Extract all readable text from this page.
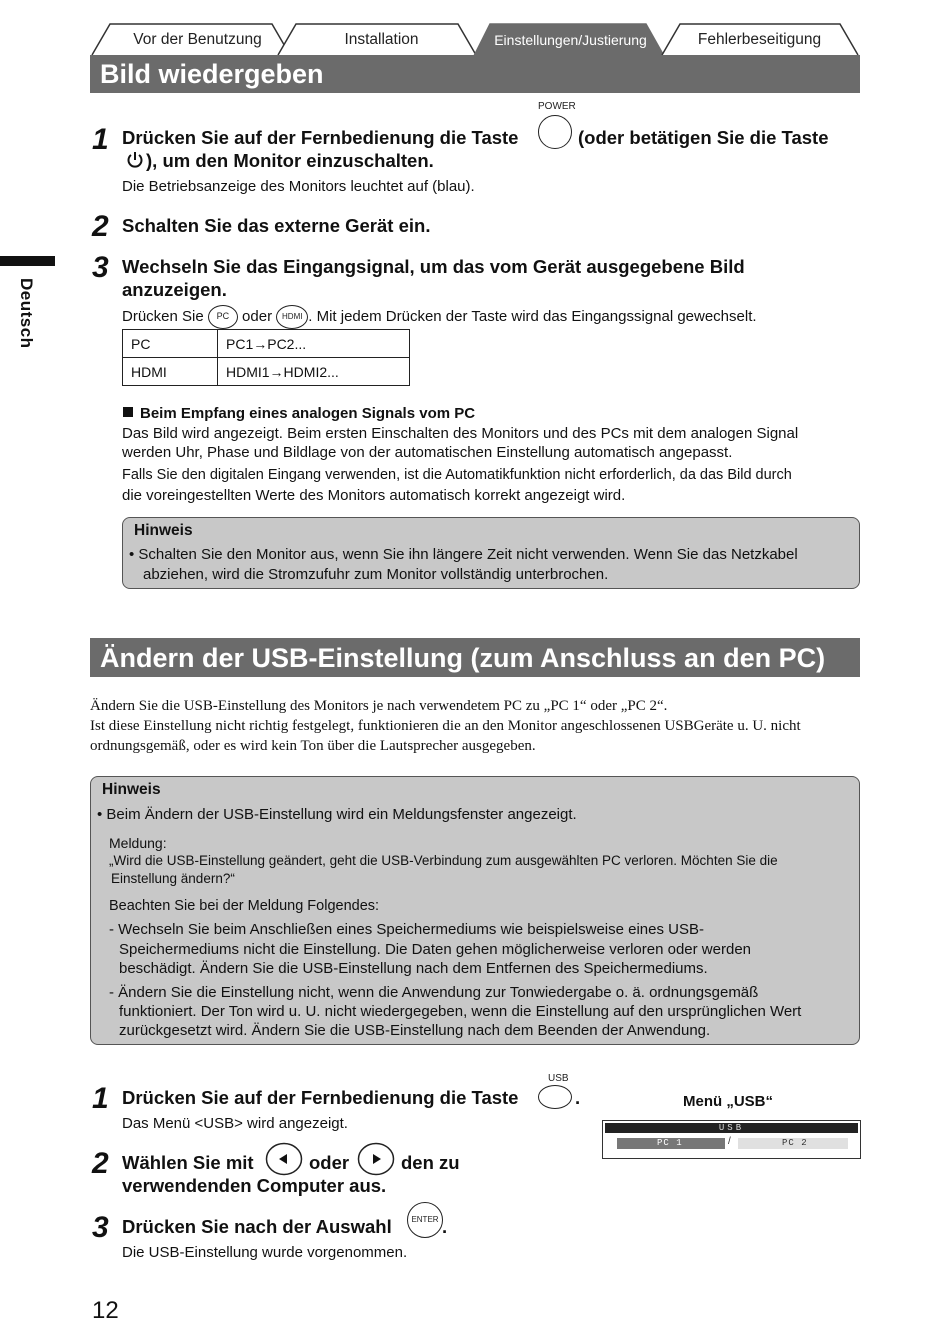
Vor der Benutzung	Installation	Einstellungen/Justierung	Fehlerbeseitigung
Bild wiedergeben
Deutsch
POWER
1 Drücken Sie auf der Fernbedienung die Taste	(oder betätigen Sie die Taste
), um den Monitor einzuschalten.
Die Betriebsanzeige des Monitors leuchtet auf (blau).
2 Schalten Sie das externe Gerät ein.
3 Wechseln Sie das Eingangsignal, um das vom Gerät ausgegebene Bild
anzuzeigen.
Drücken Sie PC oder HDMI . Mit jedem Drücken der Taste wird das Eingangssignal gewechselt.
PC	PC1→PC2...
HDMI	HDMI1→HDMI2...
Beim Empfang eines analogen Signals vom PC
Das Bild wird angezeigt. Beim ersten Einschalten des Monitors und des PCs mit dem analogen Signal
werden Uhr, Phase und Bildlage von der automatischen Einstellung automatisch angepasst.
Falls Sie den digitalen Eingang verwenden, ist die Automatikfunktion nicht erforderlich, da das Bild durch
die voreingestellten Werte des Monitors automatisch korrekt angezeigt wird.
Hinweis
• Schalten Sie den Monitor aus, wenn Sie ihn längere Zeit nicht verwenden. Wenn Sie das Netzkabel
abziehen, wird die Stromzufuhr zum Monitor vollständig unterbrochen.
Ändern der USB-Einstellung (zum Anschluss an den PC)
Ändern Sie die USB-Einstellung des Monitors je nach verwendetem PC zu „PC 1“ oder „PC 2“.
Ist diese Einstellung nicht richtig festgelegt, funktionieren die an den Monitor angeschlossenen USBGeräte u. U. nicht
ordnungsgemäß, oder es wird kein Ton über die Lautsprecher ausgegeben.
Hinweis
• Beim Ändern der USB-Einstellung wird ein Meldungsfenster angezeigt.
Meldung:
„Wird die USB-Einstellung geändert, geht die USB-Verbindung zum ausgewählten PC verloren. Möchten Sie die
Einstellung ändern?“
Beachten Sie bei der Meldung Folgendes:
- Wechseln Sie beim Anschließen eines Speichermediums wie beispielsweise eines USB-
Speichermediums nicht die Einstellung. Die Daten gehen möglicherweise verloren oder werden
beschädigt. Ändern Sie die USB-Einstellung nach dem Entfernen des Speichermediums.
- Ändern Sie die Einstellung nicht, wenn die Anwendung zur Tonwiedergabe o. ä. ordnungsgemäß
funktioniert. Der Ton wird u. U. nicht wiedergegeben, wenn die Einstellung auf den ursprünglichen Wert
zurückgesetzt wird. Ändern Sie die USB-Einstellung nach dem Beenden der Anwendung.
USB
1 Drücken Sie auf der Fernbedienung die Taste	.
Das Menü <USB> wird angezeigt.
2 Wählen Sie mit	oder	den zu
verwendenden Computer aus.
3 Drücken Sie nach der Auswahl	ENTER .
Die USB-Einstellung wurde vorgenommen.
Menü „USB“
USB
PC 1	/	PC 2
12
